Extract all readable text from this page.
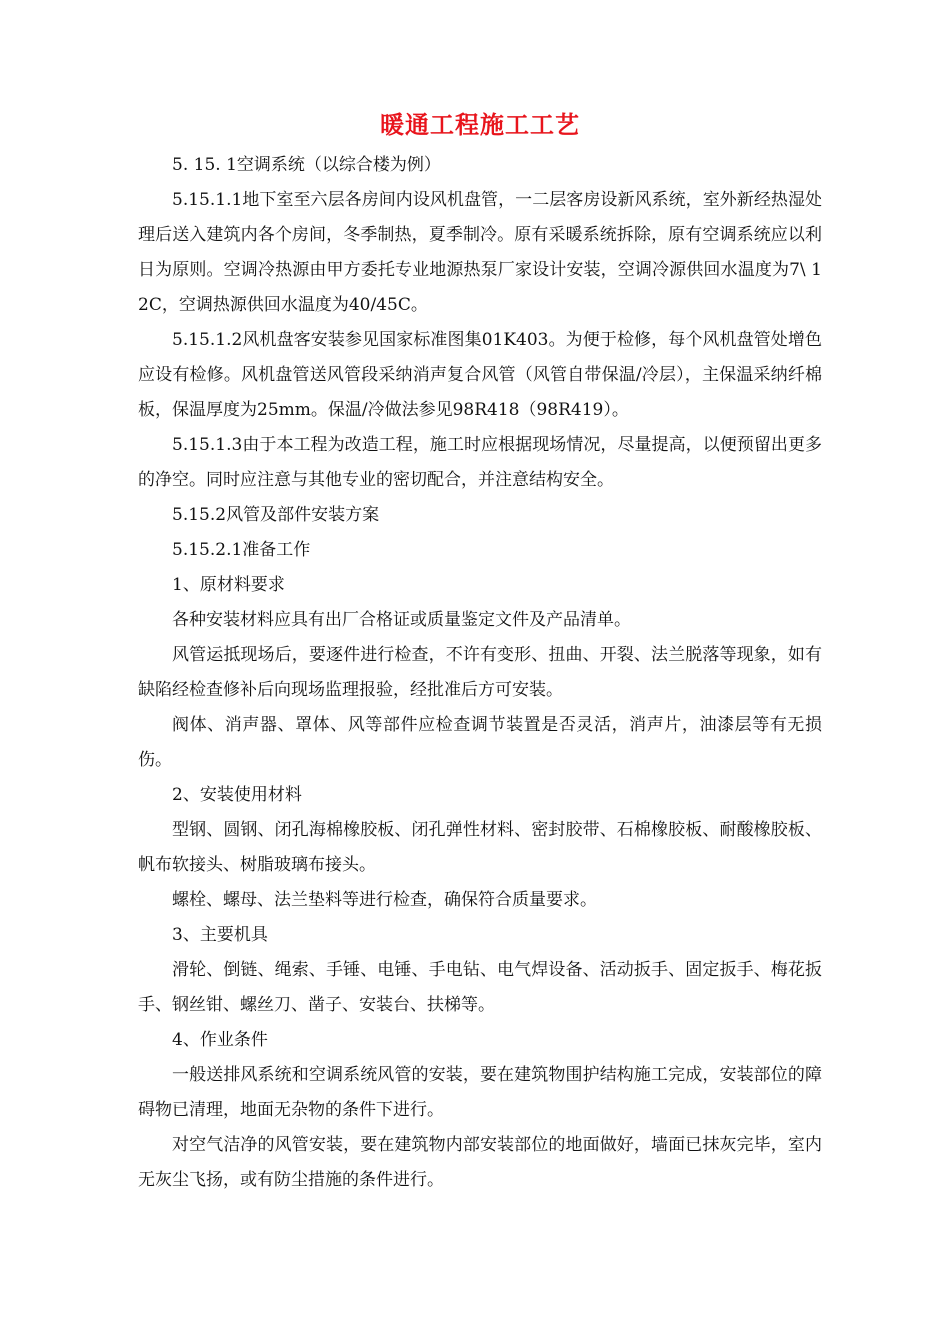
暖通工程施工工艺

5. 15. 1空调系统（以综合楼为例）

5.15.1.1地下室至六层各房间内设风机盘管，一二层客房设新风系统，室外新经热湿处理后送入建筑内各个房间，冬季制热，夏季制冷。原有采暖系统拆除，原有空调系统应以利日为原则。空调冷热源由甲方委托专业地源热泵厂家设计安装，空调冷源供回水温度为7\ 12C，空调热源供回水温度为40/45C。

5.15.1.2风机盘客安装参见国家标准图集01K403。为便于检修，每个风机盘管处增色应设有检修。风机盘管送风管段采纳消声复合风管（风管自带保温/冷层），主保温采纳纤棉板，保温厚度为25mm。保温/冷做法参见98R418（98R419）。

5.15.1.3由于本工程为改造工程，施工时应根据现场情况，尽量提高，以便预留出更多的净空。同时应注意与其他专业的密切配合，并注意结构安全。

5.15.2风管及部件安装方案

5.15.2.1准备工作

1、原材料要求

各种安装材料应具有出厂合格证或质量鉴定文件及产品清单。

风管运抵现场后，要逐件进行检查，不许有变形、扭曲、开裂、法兰脱落等现象，如有缺陷经检查修补后向现场监理报验，经批准后方可安装。

阀体、消声器、罩体、风等部件应检查调节装置是否灵活，消声片，油漆层等有无损伤。

2、安装使用材料

型钢、圆钢、闭孔海棉橡胶板、闭孔弹性材料、密封胶带、石棉橡胶板、耐酸橡胶板、帆布软接头、树脂玻璃布接头。

螺栓、螺母、法兰垫料等进行检查，确保符合质量要求。

3、主要机具

滑轮、倒链、绳索、手锤、电锤、手电钻、电气焊设备、活动扳手、固定扳手、梅花扳手、钢丝钳、螺丝刀、凿子、安装台、扶梯等。

4、作业条件

一般送排风系统和空调系统风管的安装，要在建筑物围护结构施工完成，安装部位的障碍物已清理，地面无杂物的条件下进行。

对空气洁净的风管安装，要在建筑物内部安装部位的地面做好，墙面已抹灰完毕，室内无灰尘飞扬，或有防尘措施的条件进行。
